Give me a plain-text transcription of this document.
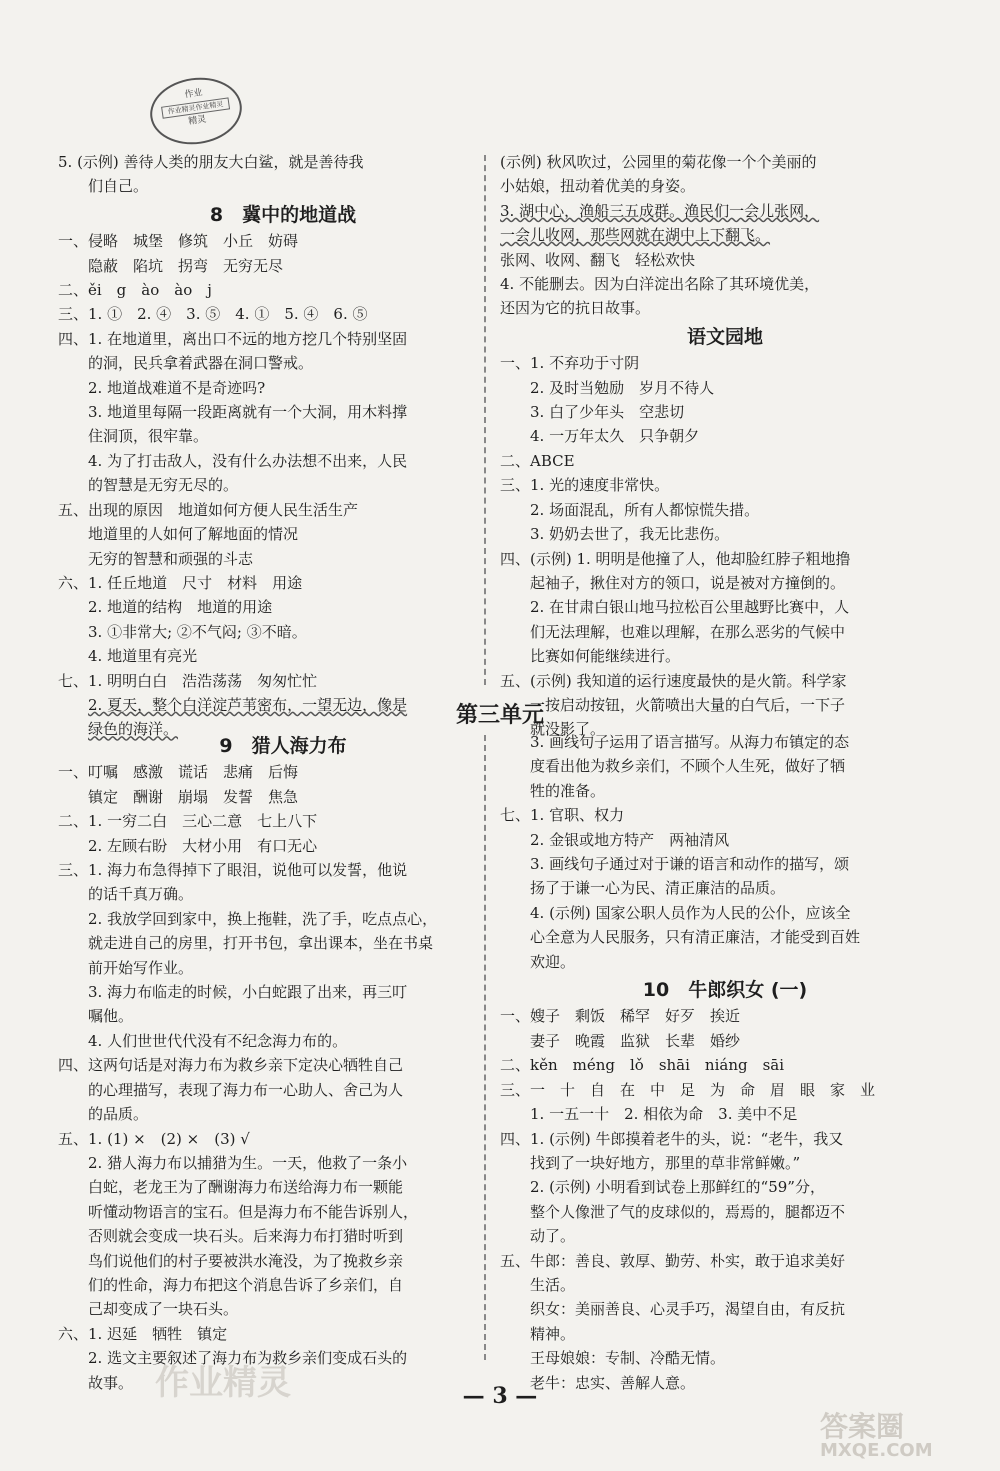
作业
作业精灵作业精灵
精灵
5. (示例) 善待人类的朋友大白鲨，就是善待我
们自己。
8　冀中的地道战
一、侵略　城堡　修筑　小丘　妨碍
隐蔽　陷坑　拐弯　无穷无尽
二、ěi　g　ào　ào　j
三、1. ①　2. ④　3. ⑤　4. ①　5. ④　6. ⑤
四、1. 在地道里，离出口不远的地方挖几个特别坚固
的洞，民兵拿着武器在洞口警戒。
2. 地道战难道不是奇迹吗?
3. 地道里每隔一段距离就有一个大洞，用木料撑
住洞顶，很牢靠。
4. 为了打击敌人，没有什么办法想不出来，人民
的智慧是无穷无尽的。
五、出现的原因　地道如何方便人民生活生产
地道里的人如何了解地面的情况
无穷的智慧和顽强的斗志
六、1. 任丘地道　尺寸　材料　用途
2. 地道的结构　地道的用途
3. ①非常大; ②不气闷; ③不暗。
4. 地道里有亮光
七、1. 明明白白　浩浩荡荡　匆匆忙忙
2. 夏天，整个白洋淀芦苇密布，一望无边，像是
绿色的海洋。
(示例) 秋风吹过，公园里的菊花像一个个美丽的
小姑娘，扭动着优美的身姿。
3. 湖中心，渔船三五成群。渔民们一会儿张网，
一会儿收网，那些网就在湖中上下翻飞。
张网、收网、翻飞　轻松欢快
4. 不能删去。因为白洋淀出名除了其环境优美，
还因为它的抗日故事。
语文园地
一、1. 不弃功于寸阴
2. 及时当勉励　岁月不待人
3. 白了少年头　空悲切
4. 一万年太久　只争朝夕
二、ABCE
三、1. 光的速度非常快。
2. 场面混乱，所有人都惊慌失措。
3. 奶奶去世了，我无比悲伤。
四、(示例) 1. 明明是他撞了人，他却脸红脖子粗地撸
起袖子，揪住对方的领口，说是被对方撞倒的。
2. 在甘肃白银山地马拉松百公里越野比赛中，人
们无法理解，也难以理解，在那么恶劣的气候中
比赛如何能继续进行。
五、(示例) 我知道的运行速度最快的是火箭。科学家
一按启动按钮，火箭喷出大量的白气后，一下子
就没影了。
第三单元
9　猎人海力布
一、叮嘱　感激　谎话　悲痛　后悔
镇定　酬谢　崩塌　发誓　焦急
二、1. 一穷二白　三心二意　七上八下
2. 左顾右盼　大材小用　有口无心
三、1. 海力布急得掉下了眼泪，说他可以发誓，他说
的话千真万确。
2. 我放学回到家中，换上拖鞋，洗了手，吃点点心，
就走进自己的房里，打开书包，拿出课本，坐在书桌
前开始写作业。
3. 海力布临走的时候，小白蛇跟了出来，再三叮
嘱他。
4. 人们世世代代没有不纪念海力布的。
四、这两句话是对海力布为救乡亲下定决心牺牲自己
的心理描写，表现了海力布一心助人、舍己为人
的品质。
五、1. (1) ×　(2) ×　(3) √
2. 猎人海力布以捕猎为生。一天，他救了一条小
白蛇，老龙王为了酬谢海力布送给海力布一颗能
听懂动物语言的宝石。但是海力布不能告诉别人，
否则就会变成一块石头。后来海力布打猎时听到
鸟们说他们的村子要被洪水淹没，为了挽救乡亲
们的性命，海力布把这个消息告诉了乡亲们，自
己却变成了一块石头。
六、1. 迟延　牺牲　镇定
2. 选文主要叙述了海力布为救乡亲们变成石头的
故事。
3. 画线句子运用了语言描写。从海力布镇定的态
度看出他为救乡亲们，不顾个人生死，做好了牺
牲的准备。
七、1. 官职、权力
2. 金银或地方特产　两袖清风
3. 画线句子通过对于谦的语言和动作的描写，颂
扬了于谦一心为民、清正廉洁的品质。
4. (示例) 国家公职人员作为人民的公仆，应该全
心全意为人民服务，只有清正廉洁，才能受到百姓
欢迎。
10　牛郎织女 (一)
一、嫂子　剩饭　稀罕　好歹　挨近
妻子　晚霞　监狱　长辈　婚纱
二、kěn　méng　lǒ　shāi　niáng　sāi
三、一　十　自　在　中　足　为　命　眉　眼　家　业
1. 一五一十　2. 相依为命　3. 美中不足
四、1. (示例) 牛郎摸着老牛的头，说：“老牛，我又
找到了一块好地方，那里的草非常鲜嫩。”
2. (示例) 小明看到试卷上那鲜红的“59”分，
整个人像泄了气的皮球似的，焉焉的，腿都迈不
动了。
五、牛郎：善良、敦厚、勤劳、朴实，敢于追求美好
生活。
织女：美丽善良、心灵手巧，渴望自由，有反抗
精神。
王母娘娘：专制、冷酷无情。
老牛：忠实、善解人意。
作业精灵	— 3 —
答案圈
MXQE.COM
